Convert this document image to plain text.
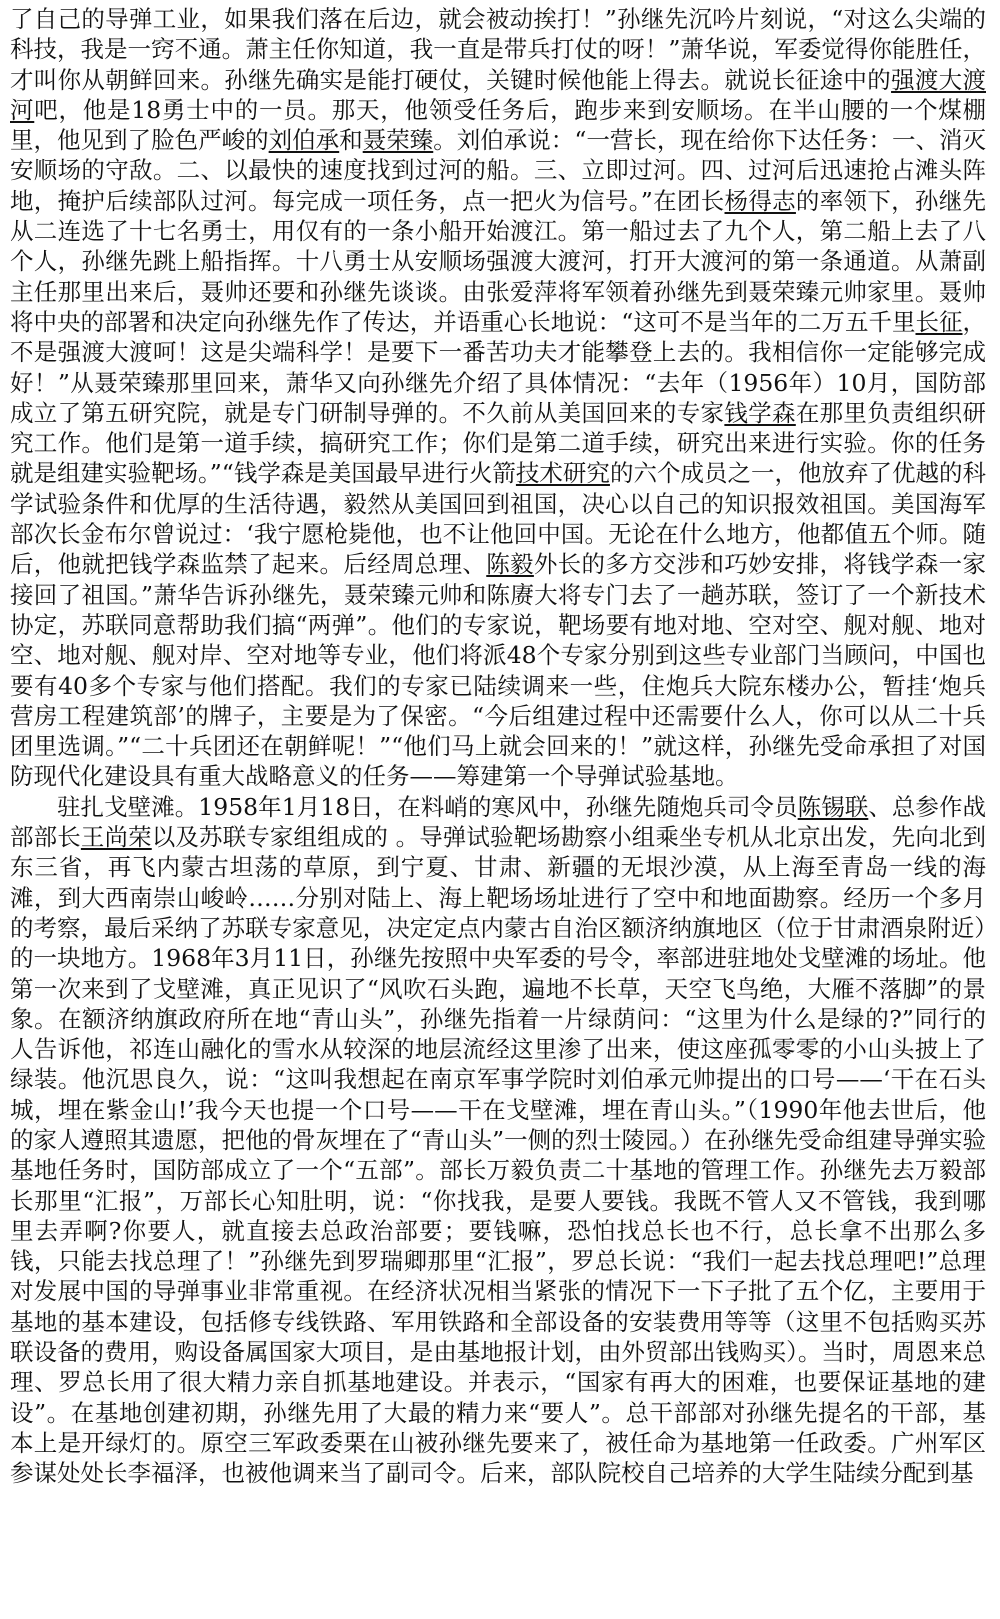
了自己的导弹工业，如果我们落在后边，就会被动挨打！”孙继先沉吟片刻说，“对这么尖端的科技，我是一窍不通。萧主任你知道，我一直是带兵打仗的呀！”萧华说，军委觉得你能胜任，才叫你从朝鲜回来。孙继先确实是能打硬仗，关键时候他能上得去。就说长征途中的强渡大渡河吧，他是18勇士中的一员。那天，他领受任务后，跑步来到安顺场。在半山腰的一个煤棚里，他见到了脸色严峻的刘伯承和聂荣臻。刘伯承说：“一营长，现在给你下达任务：一、消灭安顺场的守敌。二、以最快的速度找到过河的船。三、立即过河。四、过河后迅速抢占滩头阵地，掩护后续部队过河。每完成一项任务，点一把火为信号。”在团长杨得志的率领下，孙继先从二连选了十七名勇士，用仅有的一条小船开始渡江。第一船过去了九个人，第二船上去了八个人，孙继先跳上船指挥。十八勇士从安顺场强渡大渡河，打开大渡河的第一条通道。从萧副主任那里出来后，聂帅还要和孙继先谈谈。由张爱萍将军领着孙继先到聂荣臻元帅家里。聂帅将中央的部署和决定向孙继先作了传达，并语重心长地说：“这可不是当年的二万五千里长征，不是强渡大渡呵！这是尖端科学！是要下一番苦功夫才能攀登上去的。我相信你一定能够完成好！”从聂荣臻那里回来，萧华又向孙继先介绍了具体情况：“去年（1956年）10月，国防部成立了第五研究院，就是专门研制导弹的。不久前从美国回来的专家钱学森在那里负责组织研究工作。他们是第一道手续，搞研究工作；你们是第二道手续，研究出来进行实验。你的任务就是组建实验靶场。”“钱学森是美国最早进行火箭技术研究的六个成员之一，他放弃了优越的科学试验条件和优厚的生活待遇，毅然从美国回到祖国，决心以自己的知识报效祖国。美国海军部次长金布尔曾说过：‘我宁愿枪毙他，也不让他回中国。无论在什么地方，他都值五个师。随后，他就把钱学森监禁了起来。后经周总理、陈毅外长的多方交涉和巧妙安排，将钱学森一家接回了祖国。”萧华告诉孙继先，聂荣臻元帅和陈赓大将专门去了一趟苏联，签订了一个新技术协定，苏联同意帮助我们搞“两弹”。他们的专家说，靶场要有地对地、空对空、舰对舰、地对空、地对舰、舰对岸、空对地等专业，他们将派48个专家分别到这些专业部门当顾问，中国也要有40多个专家与他们搭配。我们的专家已陆续调来一些，住炮兵大院东楼办公，暂挂‘炮兵营房工程建筑部’的牌子，主要是为了保密。“今后组建过程中还需要什么人，你可以从二十兵团里选调。”“二十兵团还在朝鲜呢！”“他们马上就会回来的！”就这样，孙继先受命承担了对国防现代化建设具有重大战略意义的任务——筹建第一个导弹试验基地。

驻扎戈壁滩。1958年1月18日，在料峭的寒风中，孙继先随炮兵司令员陈锡联、总参作战部部长王尚荣以及苏联专家组组成的 。导弹试验靶场勘察小组乘坐专机从北京出发，先向北到东三省，再飞内蒙古坦荡的草原，到宁夏、甘肃、新疆的无垠沙漠，从上海至青岛一线的海滩，到大西南崇山峻岭……分别对陆上、海上靶场场址进行了空中和地面勘察。经历一个多月的考察，最后采纳了苏联专家意见，决定定点内蒙古自治区额济纳旗地区（位于甘肃酒泉附近）的一块地方。1968年3月11日，孙继先按照中央军委的号令，率部进驻地处戈壁滩的场址。他第一次来到了戈壁滩，真正见识了“风吹石头跑，遍地不长草，天空飞鸟绝，大雁不落脚”的景象。在额济纳旗政府所在地“青山头”，孙继先指着一片绿荫问：“这里为什么是绿的?”同行的人告诉他，祁连山融化的雪水从较深的地层流经这里渗了出来，使这座孤零零的小山头披上了绿装。他沉思良久，说：“这叫我想起在南京军事学院时刘伯承元帅提出的口号——‘干在石头城，埋在紫金山!’我今天也提一个口号——干在戈壁滩，埋在青山头。”（1990年他去世后，他的家人遵照其遗愿，把他的骨灰埋在了“青山头”一侧的烈士陵园。）在孙继先受命组建导弹实验基地任务时，国防部成立了一个“五部”。部长万毅负责二十基地的管理工作。孙继先去万毅部长那里“汇报”，万部长心知肚明，说：“你找我，是要人要钱。我既不管人又不管钱，我到哪里去弄啊?你要人，就直接去总政治部要；要钱嘛，恐怕找总长也不行，总长拿不出那么多钱，只能去找总理了！”孙继先到罗瑞卿那里“汇报”，罗总长说：“我们一起去找总理吧!”总理对发展中国的导弹事业非常重视。在经济状况相当紧张的情况下一下子批了五个亿，主要用于基地的基本建设，包括修专线铁路、军用铁路和全部设备的安装费用等等（这里不包括购买苏联设备的费用，购设备属国家大项目，是由基地报计划，由外贸部出钱购买）。当时，周恩来总理、罗总长用了很大精力亲自抓基地建设。并表示，“国家有再大的困难，也要保证基地的建设”。在基地创建初期，孙继先用了大最的精力来“要人”。总干部部对孙继先提名的干部，基本上是开绿灯的。原空三军政委栗在山被孙继先要来了，被任命为基地第一任政委。广州军区参谋处处长李福泽，也被他调来当了副司令。后来，部队院校自己培养的大学生陆续分配到基
